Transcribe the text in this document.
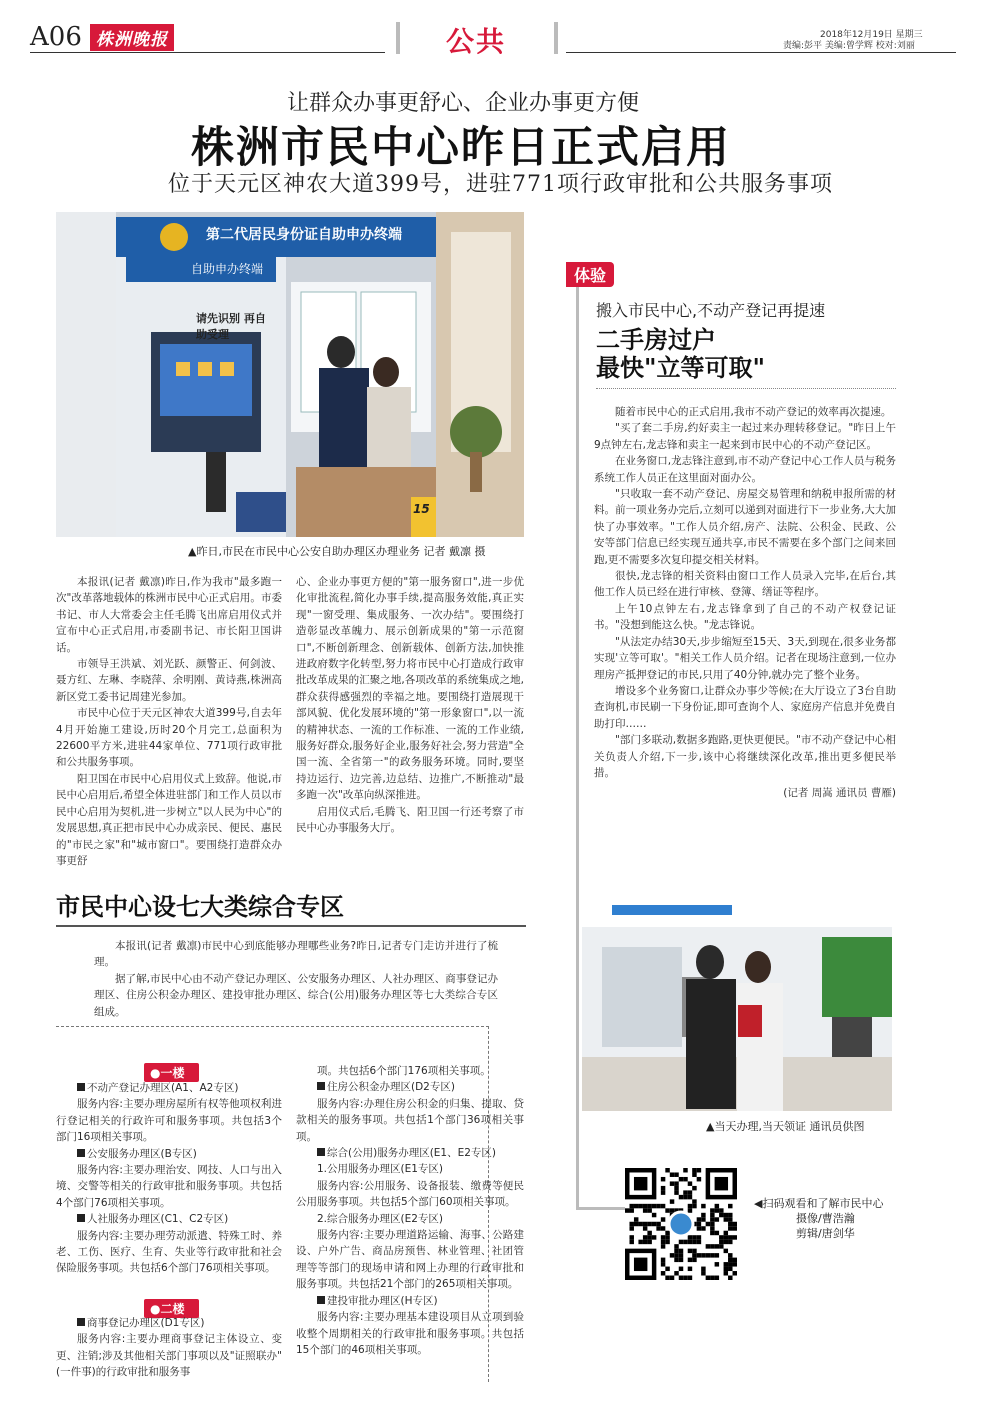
A06 株洲晚报	公共	2018年12月19日 星期三
责编:彭平 美编:曾学辉 校对:刘丽
让群众办事更舒心、企业办事更方便
株洲市民中心昨日正式启用
位于天元区神农大道399号，进驻771项行政审批和公共服务事项
第二代居民身份证自助申办终端
自助申办终端
请先识别 再自助受理
15
▲昨日,市民在市民中心公安自助办理区办理业务 记者 戴凛 摄

本报讯(记者 戴凛)昨日,作为我市"最多跑一次"改革落地载体的株洲市民中心正式启用。市委书记、市人大常委会主任毛腾飞出席启用仪式并宣布中心正式启用,市委副书记、市长阳卫国讲话。

市领导王洪斌、刘光跃、颜警正、何剑波、聂方红、左琳、李晓萍、余明刚、黄诗燕,株洲高新区党工委书记周建光参加。

市民中心位于天元区神农大道399号,自去年4月开始施工建设,历时20个月完工,总面积为22600平方米,进驻44家单位、771项行政审批和公共服务事项。

阳卫国在市民中心启用仪式上致辞。他说,市民中心启用后,希望全体进驻部门和工作人员以市民中心启用为契机,进一步树立"以人民为中心"的发展思想,真正把市民中心办成亲民、便民、惠民的"市民之家"和"城市窗口"。要围绕打造群众办事更舒

心、企业办事更方便的"第一服务窗口",进一步优化审批流程,简化办事手续,提高服务效能,真正实现"一窗受理、集成服务、一次办结"。要围绕打造彰显改革魄力、展示创新成果的"第一示范窗口",不断创新理念、创新载体、创新方法,加快推进政府数字化转型,努力将市民中心打造成行政审批改革成果的汇聚之地,各项改革的系统集成之地,群众获得感强烈的幸福之地。要围绕打造展现干部风貌、优化发展环境的"第一形象窗口",以一流的精神状态、一流的工作标准、一流的工作业绩,服务好群众,服务好企业,服务好社会,努力营造"全国一流、全省第一"的政务服务环境。同时,要坚持边运行、边完善,边总结、边推广,不断推动"最多跑一次"改革向纵深推进。

启用仪式后,毛腾飞、阳卫国一行还考察了市民中心办事服务大厅。

体验
搬入市民中心,不动产登记再提速
二手房过户
最快"立等可取"

随着市民中心的正式启用,我市不动产登记的效率再次提速。

"买了套二手房,约好卖主一起过来办理转移登记。"昨日上午9点钟左右,龙志锋和卖主一起来到市民中心的不动产登记区。

在业务窗口,龙志锋注意到,市不动产登记中心工作人员与税务系统工作人员正在这里面对面办公。

"只收取一套不动产登记、房屋交易管理和纳税申报所需的材料。前一项业务办完后,立刻可以递到对面进行下一步业务,大大加快了办事效率。"工作人员介绍,房产、法院、公积金、民政、公安等部门信息已经实现互通共享,市民不需要在多个部门之间来回跑,更不需要多次复印提交相关材料。

很快,龙志锋的相关资料由窗口工作人员录入完毕,在后台,其他工作人员已经在进行审核、登簿、缮证等程序。

上午10点钟左右,龙志锋拿到了自己的不动产权登记证书。"没想到能这么快。"龙志锋说。

"从法定办结30天,步步缩短至15天、3天,到现在,很多业务都实现'立等可取'。"相关工作人员介绍。记者在现场注意到,一位办理房产抵押登记的市民,只用了40分钟,就办完了整个业务。

增设多个业务窗口,让群众办事少等候;在大厅设立了3台自助查询机,市民刷一下身份证,即可查询个人、家庭房产信息并免费自助打印……

"部门多联动,数据多跑路,更快更便民。"市不动产登记中心相关负责人介绍,下一步,该中心将继续深化改革,推出更多便民举措。

(记者 周嵩 通讯员 曹雁)

▲当天办理,当天领证 通讯员供图
◀扫码观看和了解市民中心
摄像/曹浩瀚
剪辑/唐剑华
市民中心设七大类综合专区

本报讯(记者 戴凛)市民中心到底能够办理哪些业务?昨日,记者专门走访并进行了梳理。

据了解,市民中心由不动产登记办理区、公安服务办理区、人社办理区、商事登记办理区、住房公积金办理区、建投审批办理区、综合(公用)服务办理区等七大类综合专区组成。

●一楼

不动产登记办理区(A1、A2专区)

服务内容:主要办理房屋所有权等他项权利进行登记相关的行政许可和服务事项。共包括3个部门16项相关事项。

公安服务办理区(B专区)

服务内容:主要办理治安、网技、人口与出入境、交警等相关的行政审批和服务事项。共包括4个部门76项相关事项。

人社服务办理区(C1、C2专区)

服务内容:主要办理劳动派遣、特殊工时、养老、工伤、医疗、生育、失业等行政审批和社会保险服务事项。共包括6个部门76项相关事项。

●二楼

商事登记办理区(D1专区)

服务内容:主要办理商事登记主体设立、变更、注销;涉及其他相关部门事项以及"证照联办"(一件事)的行政审批和服务事

项。共包括6个部门176项相关事项。

住房公积金办理区(D2专区)

服务内容:办理住房公积金的归集、提取、贷款相关的服务事项。共包括1个部门36项相关事项。

综合(公用)服务办理区(E1、E2专区)

1.公用服务办理区(E1专区)

服务内容:公用服务、设备报装、缴费等便民公用服务事项。共包括5个部门60项相关事项。

2.综合服务办理区(E2专区)

服务内容:主要办理道路运输、海事、公路建设、户外广告、商品房预售、林业管理、社团管理等等部门的现场申请和网上办理的行政审批和服务事项。共包括21个部门的265项相关事项。

建投审批办理区(H专区)

服务内容:主要办理基本建设项目从立项到验收整个周期相关的行政审批和服务事项。共包括15个部门的46项相关事项。
